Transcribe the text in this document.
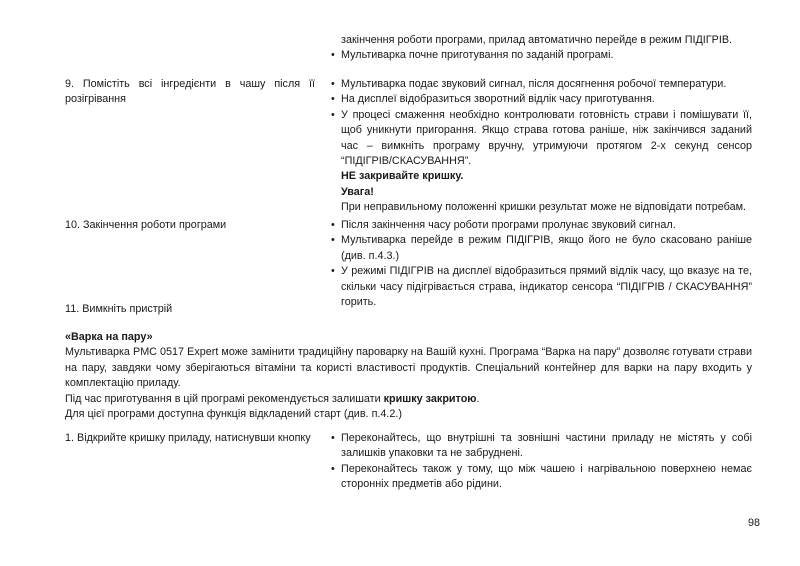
закінчення роботи програми, прилад автоматично перейде в режим ПІДІГРІВ.
• Мультиварка почне приготування по заданій програмі.
9. Помістіть всі інгредієнти в чашу після її розігрівання
• Мультиварка подає звуковий сигнал, після досягнення робочої температури.
• На дисплеї відобразиться зворотний відлік часу приготування.
• У процесі смаження необхідно контролювати готовність страви і помішувати її, щоб уникнути пригорання. Якщо страва готова раніше, ніж закінчився заданий час – вимкніть програму вручну, утримуючи протягом 2-х секунд сенсор “ПІДІГРІВ/СКАСУВАННЯ”.
НЕ закривайте кришку.
Увага!
При неправильному положенні кришки результат може не відповідати потребам.
10. Закінчення роботи програми	• Після закінчення часу роботи програми пролунає звуковий сигнал.
• Мультиварка перейде в режим ПІДІГРІВ, якщо його не було скасовано раніше (див. п.4.3.)
• У режимі ПІДІГРІВ на дисплеї відобразиться прямий відлік часу, що вказує на те, скільки часу підігрівається страва, індикатор сенсора “ПІДІГРІВ / СКАСУВАННЯ” горить.
11. Вимкніть пристрій
«Варка на пару»
Мультиварка PMC 0517 Expert може замінити традиційну пароварку на Вашій кухні. Програма “Варка на пару” дозволяє готувати страви на пару, завдяки чому зберігаються вітаміни та користі властивості продуктів. Спеціальний контейнер для варки на пару входить у комплектацію приладу.
Під час приготування в цій програмі рекомендується залишати кришку закритою.
Для цієї програми доступна функція відкладений старт (див. п.4.2.)
1. Відкрийте кришку приладу, натиснувши кнопку	• Переконайтесь, що внутрішні та зовнішні частини приладу не містять у собі залишків упаковки та не забруднені.
• Переконайтесь також у тому, що між чашею і нагрівальною поверхнею немає сторонніх предметів або рідини.
98
